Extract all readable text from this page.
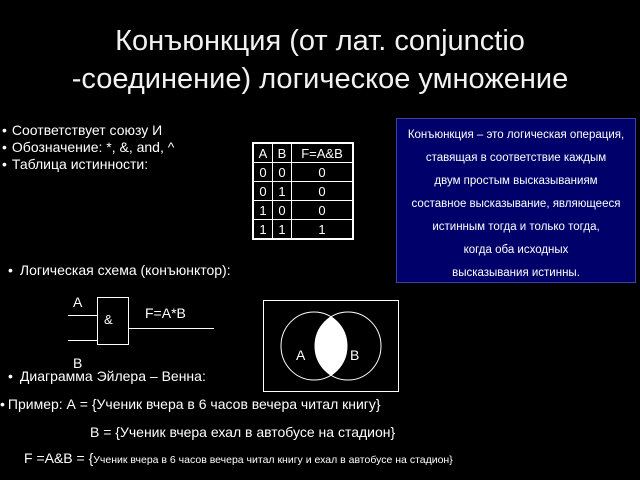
Конъюнкция (от лат. conjunctio
-соединение) логическое умножение
• Соответствует союзу И
• Обозначение: *, &, and, ^
• Таблица истинности:
A	B	F=A&B
0	0	0
0	1	0
1	0	0
1	1	1
Конъюнкция – это логическая операция,
ставящая в соответствие каждым
двум простым высказываниям
составное высказывание, являющееся
истинным тогда и только тогда,
когда оба исходных
высказывания истинны.
• Логическая схема (конъюнктор):
A
& F=A*B
B	A	B
• Диаграмма Эйлера – Венна:
• Пример: А = {Ученик вчера в 6 часов вечера читал книгу}
В = {Ученик вчера ехал в автобусе на стадион}
F =A&B = {Ученик вчера в 6 часов вечера читал книгу и ехал в автобусе на стадион}
